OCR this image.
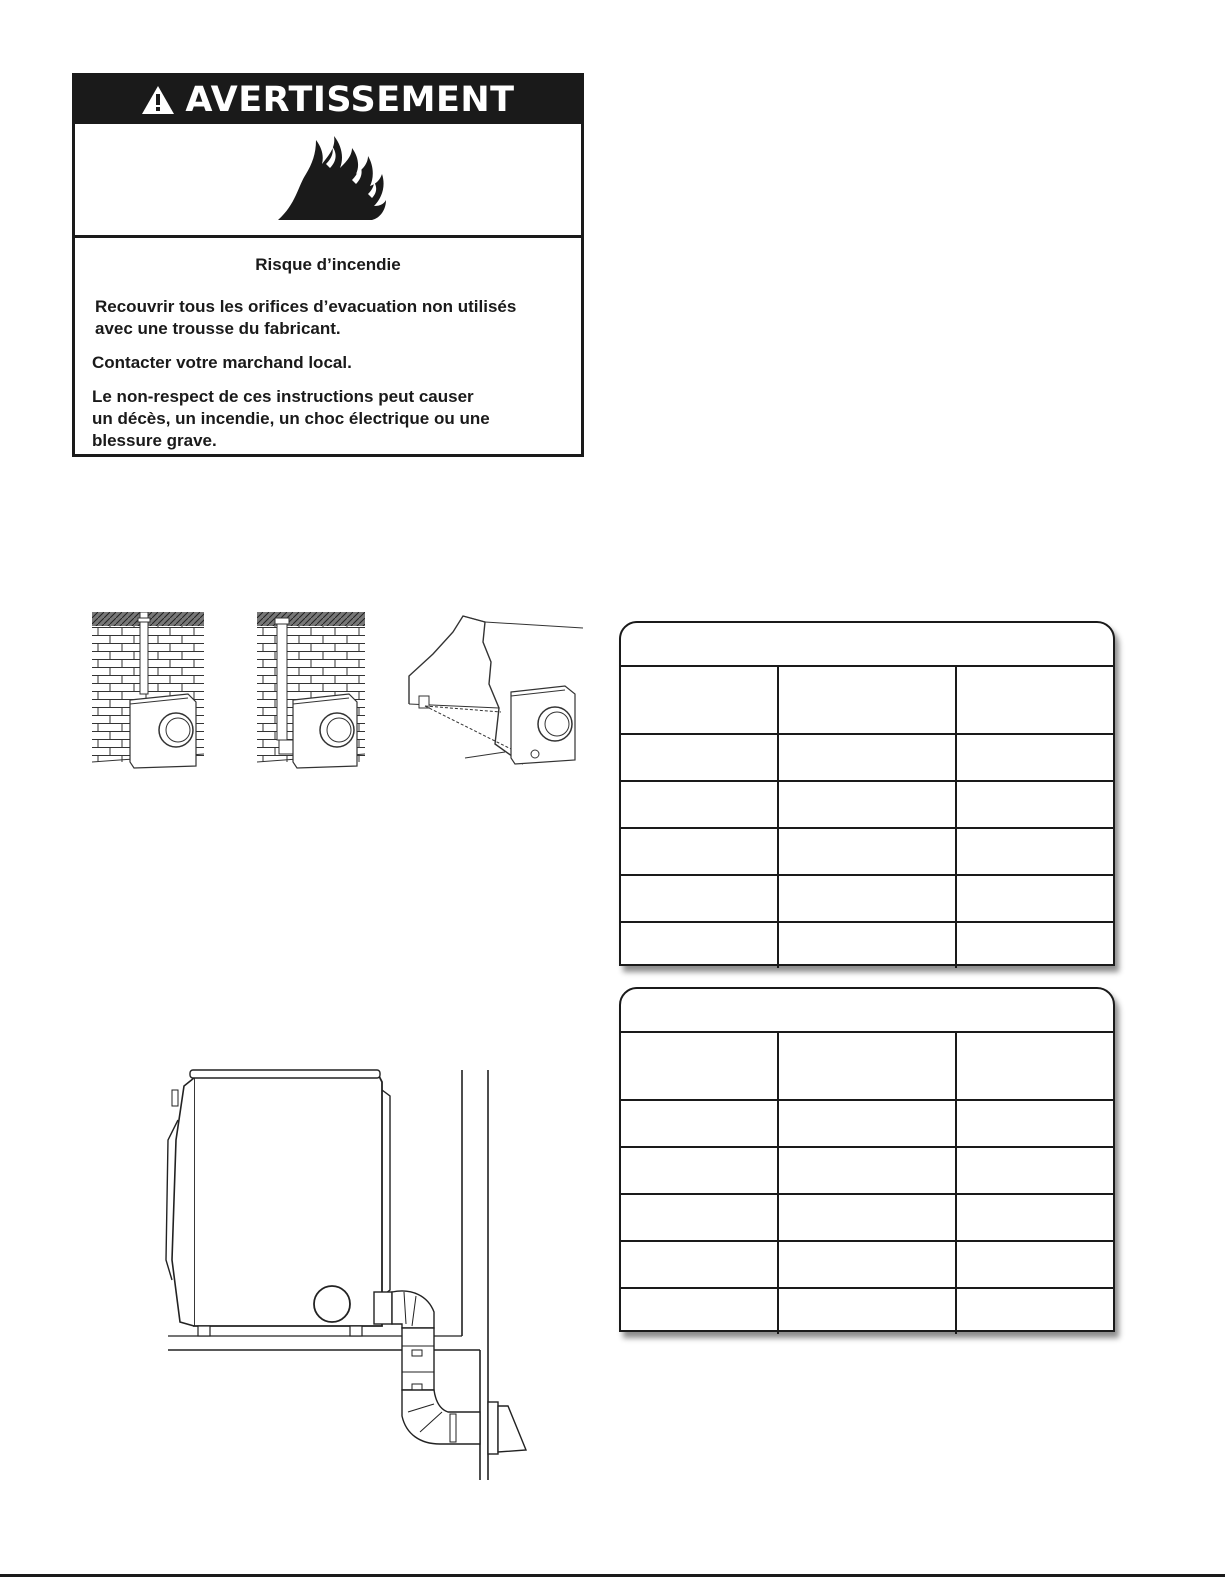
AVERTISSEMENT

Risque d’incendie

Recouvrir tous les orifices d’evacuation non utilisés
avec une trousse du fabricant.

Contacter votre marchand local.

Le non-respect de ces instructions peut causer
un décès, un incendie, un choc électrique ou une
blessure grave.
